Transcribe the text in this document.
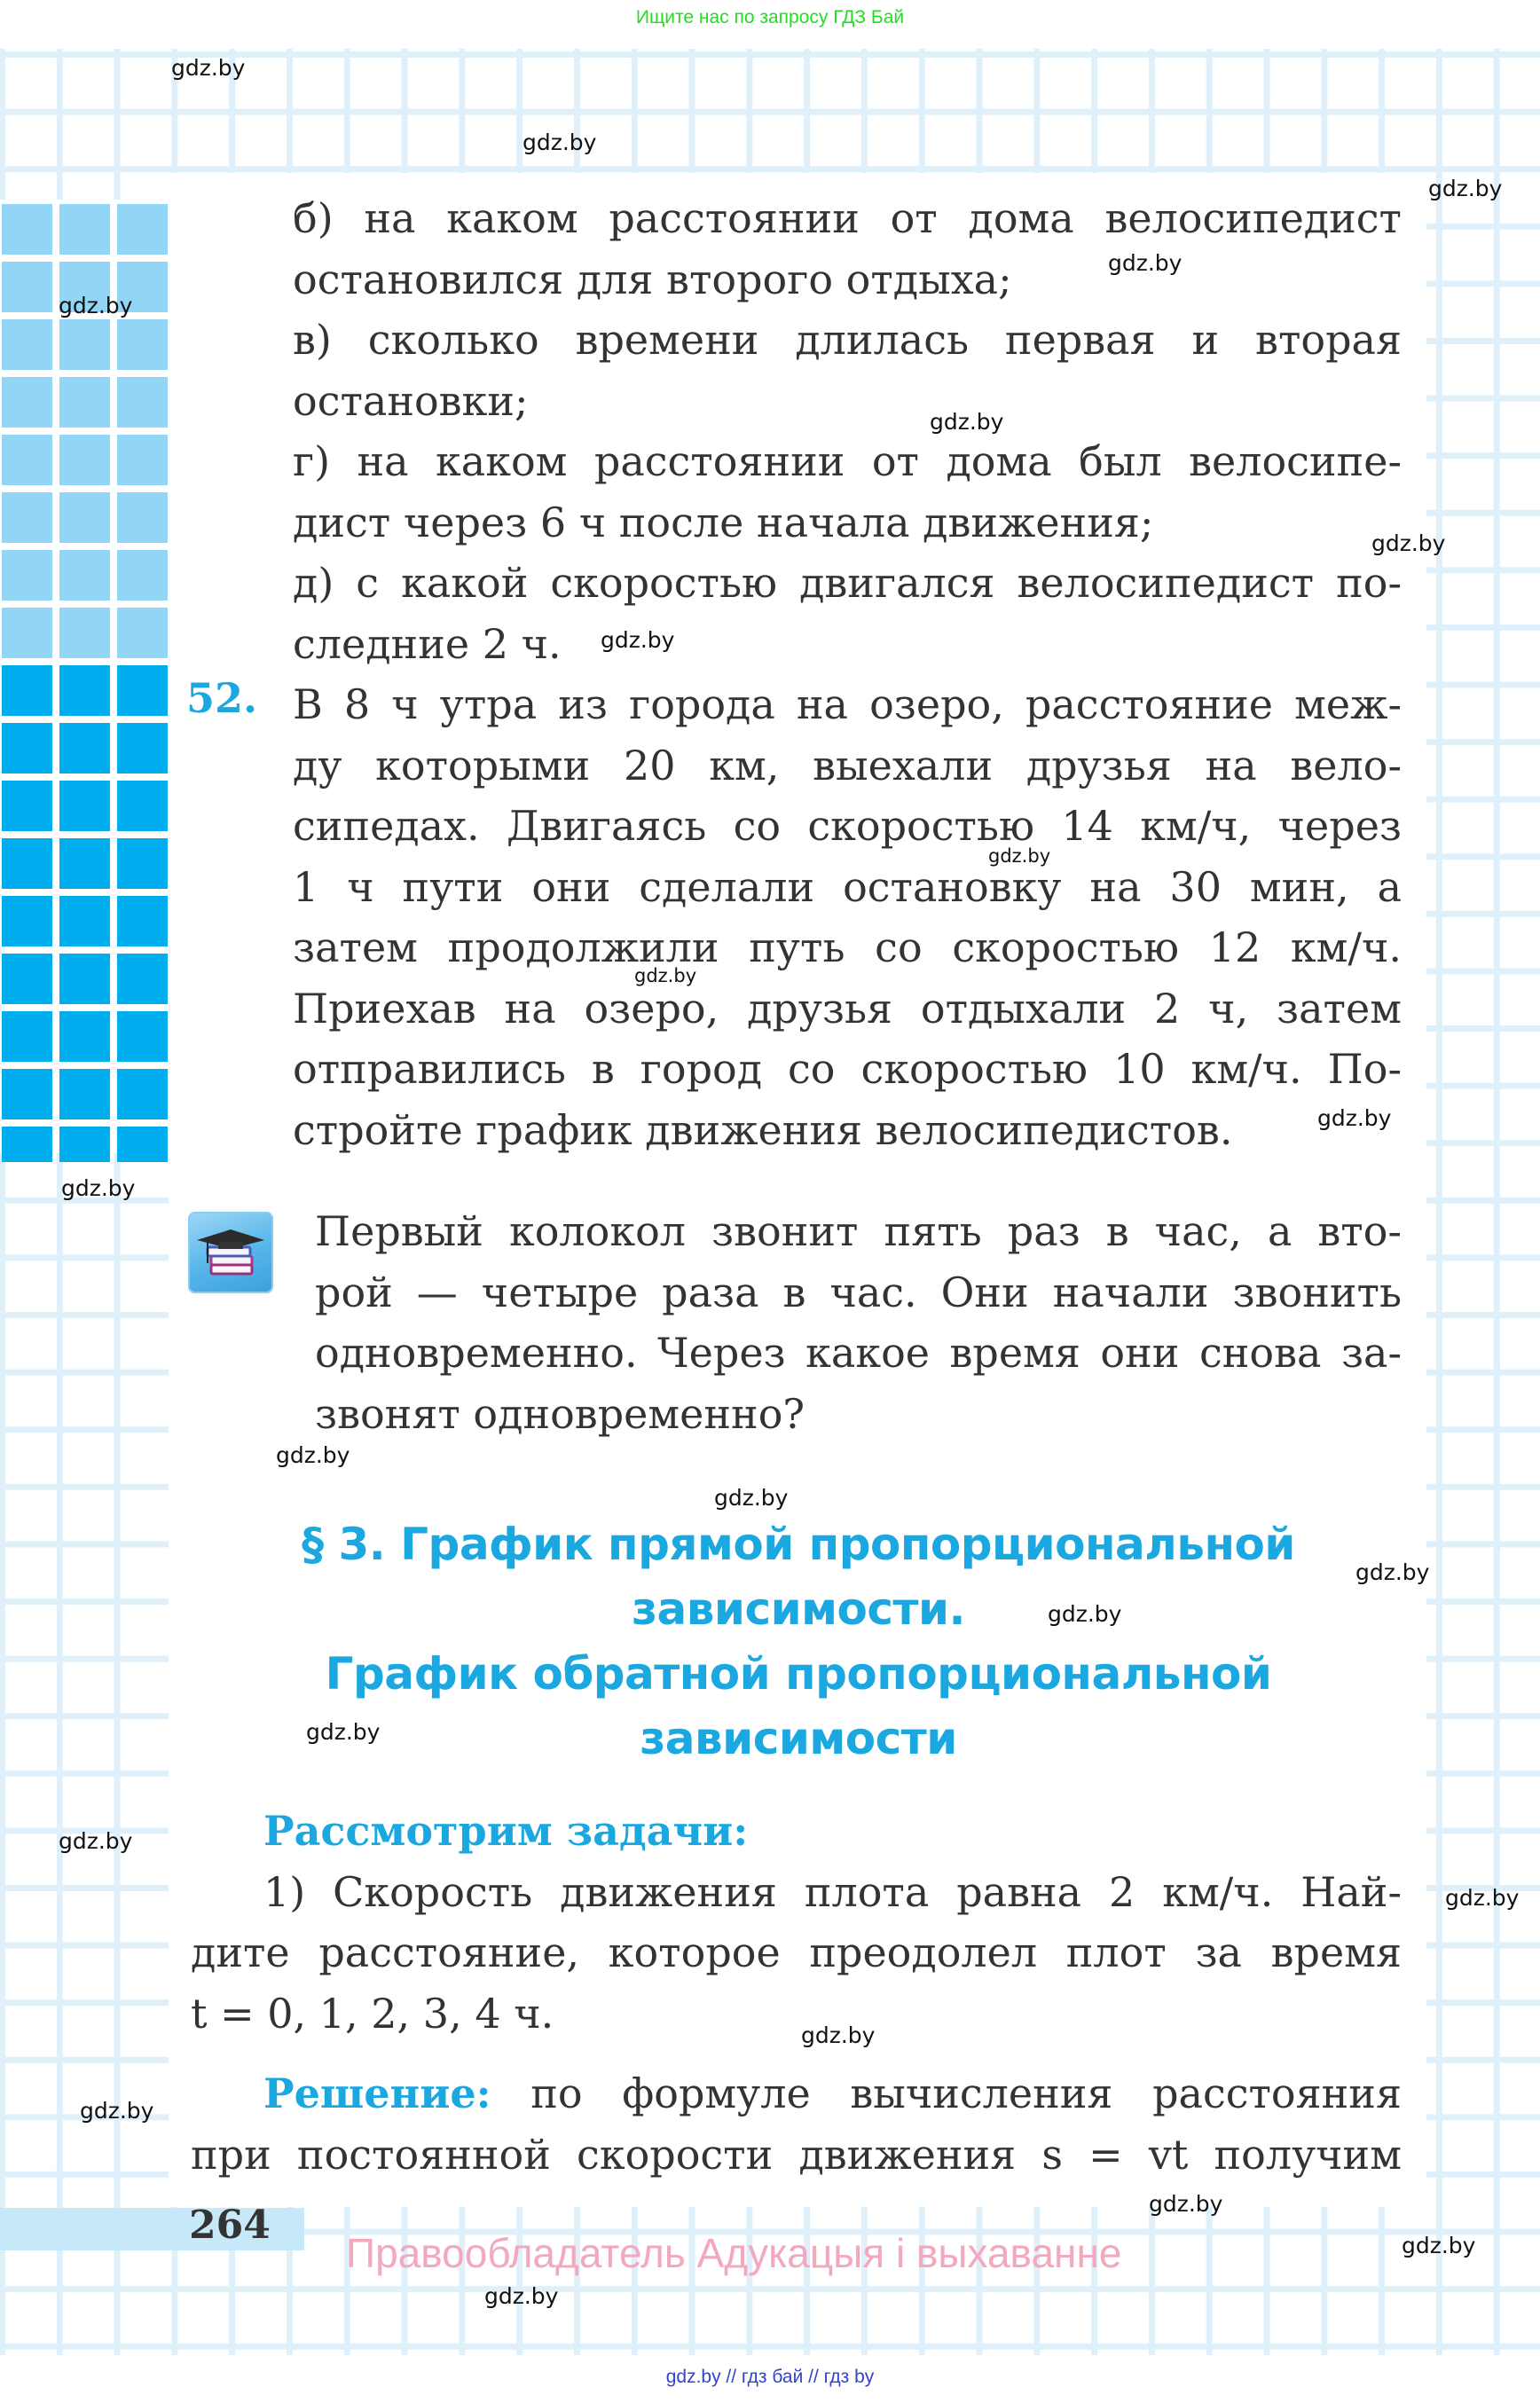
Ищите нас по запросу ГДЗ Бай
б) на каком расстоянии от дома велосипедист
остановился для второго отдыха;
в) сколько времени длилась первая и вторая
остановки;
г) на каком расстоянии от дома был велосипе-
дист через 6 ч после начала движения;
д) с какой скоростью двигался велосипедист по-
следние 2 ч.
52. В 8 ч утра из города на озеро, расстояние меж-
ду которыми 20 км, выехали друзья на вело-
сипедах. Двигаясь со скоростью 14 км/ч, через
1 ч пути они сделали остановку на 30 мин, а
затем продолжили путь со скоростью 12 км/ч.
Приехав на озеро, друзья отдыхали 2 ч, затем
отправились в город со скоростью 10 км/ч. По-
стройте график движения велосипедистов.
Первый колокол звонит пять раз в час, а вто-
рой — четыре раза в час. Они начали звонить
одновременно. Через какое время они снова за-
звонят одновременно?
§ 3. График прямой пропорциональной
зависимости.
График обратной пропорциональной
зависимости
Рассмотрим задачи:
1) Скорость движения плота равна 2 км/ч. Най-
дите расстояние, которое преодолел плот за время
t = 0, 1, 2, 3, 4 ч.
Решение: по формуле вычисления расстояния
при постоянной скорости движения s = vt получим
264
Правообладатель Адукацыя і выхаванне
gdz.by // гдз бай // гдз by
gdz.by
gdz.by
gdz.by
gdz.by
gdz.by
gdz.by
gdz.by
gdz.by
gdz.by
gdz.by
gdz.by
gdz.by
gdz.by
gdz.by
gdz.by
gdz.by
gdz.by
gdz.by
gdz.by
gdz.by
gdz.by
gdz.by
gdz.by
gdz.by
